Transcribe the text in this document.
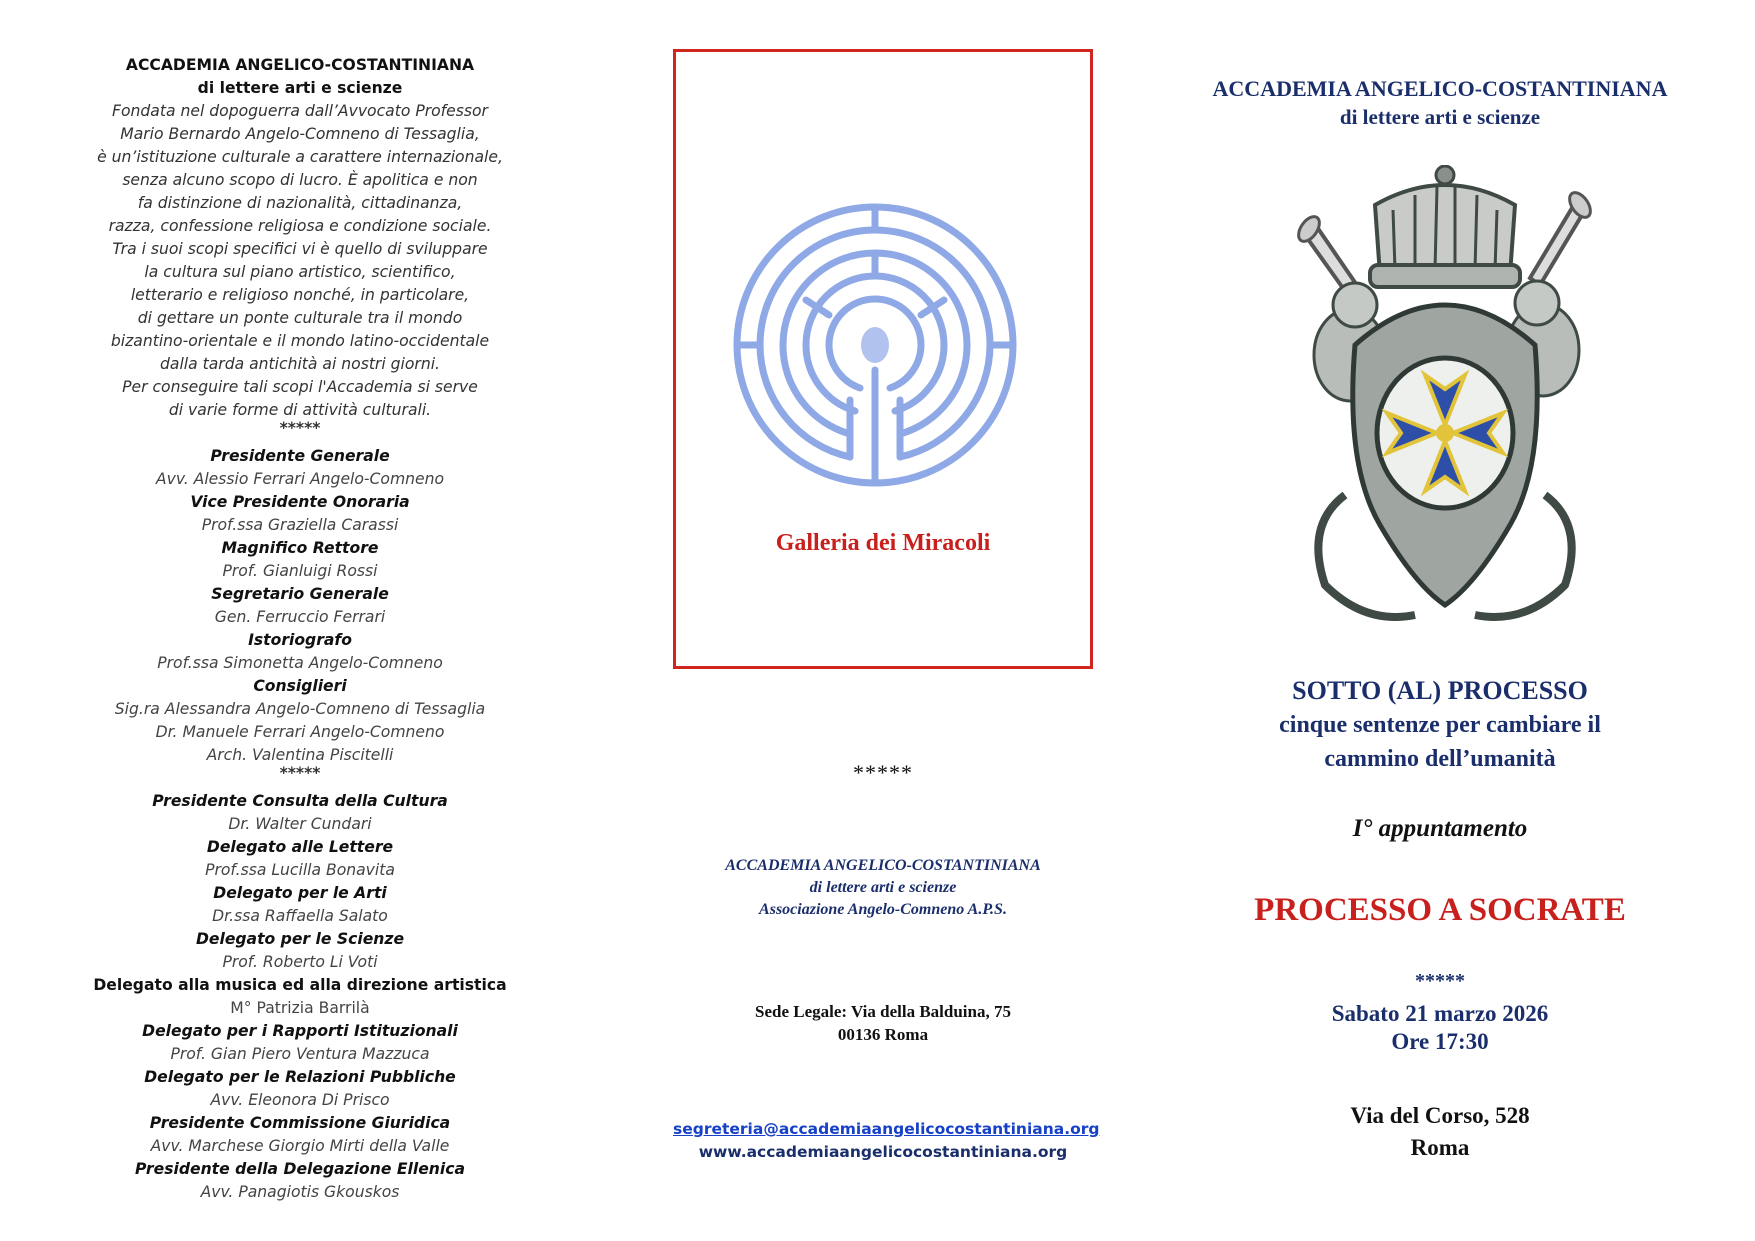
ACCADEMIA ANGELICO-COSTANTINIANA
di lettere arti e scienze
Fondata nel dopoguerra dall’Avvocato Professor
Mario Bernardo Angelo-Comneno di Tessaglia,
è un’istituzione culturale a carattere internazionale,
senza alcuno scopo di lucro. È apolitica e non
fa distinzione di nazionalità, cittadinanza,
razza, confessione religiosa e condizione sociale.
Tra i suoi scopi specifici vi è quello di sviluppare
la cultura sul piano artistico, scientifico,
letterario e religioso nonché, in particolare,
di gettare un ponte culturale tra il mondo
bizantino-orientale e il mondo latino-occidentale
dalla tarda antichità ai nostri giorni.
Per conseguire tali scopi l'Accademia si serve
di varie forme di attività culturali.
*****
Presidente Generale
Avv. Alessio Ferrari Angelo-Comneno
Vice Presidente Onoraria
Prof.ssa Graziella Carassi
Magnifico Rettore
Prof. Gianluigi Rossi
Segretario Generale
Gen. Ferruccio Ferrari
Istoriografo
Prof.ssa Simonetta Angelo-Comneno
Consiglieri
Sig.ra Alessandra Angelo-Comneno di Tessaglia
Dr. Manuele Ferrari Angelo-Comneno
Arch. Valentina Piscitelli
*****
Presidente Consulta della Cultura
Dr. Walter Cundari
Delegato alle Lettere
Prof.ssa Lucilla Bonavita
Delegato per le Arti
Dr.ssa Raffaella Salato
Delegato per le Scienze
Prof. Roberto Li Voti
Delegato alla musica ed alla direzione artistica
M° Patrizia Barrilà
Delegato per i Rapporti Istituzionali
Prof. Gian Piero Ventura Mazzuca
Delegato per le Relazioni Pubbliche
Avv. Eleonora Di Prisco
Presidente Commissione Giuridica
Avv. Marchese Giorgio Mirti della Valle
Presidente della Delegazione Ellenica
Avv. Panagiotis Gkouskos
Galleria dei Miracoli
*****
ACCADEMIA ANGELICO-COSTANTINIANA
di lettere arti e scienze
Associazione Angelo-Comneno A.P.S.
Sede Legale: Via della Balduina, 75
00136 Roma
segreteria@accademiaangelicocostantiniana.org
www.accademiaangelicocostantiniana.org
ACCADEMIA ANGELICO-COSTANTINIANA
di lettere arti e scienze
SOTTO (AL) PROCESSO
cinque sentenze per cambiare il
cammino dell’umanità
I° appuntamento
PROCESSO A SOCRATE
*****
Sabato 21 marzo 2026
Ore 17:30
Via del Corso, 528
Roma
